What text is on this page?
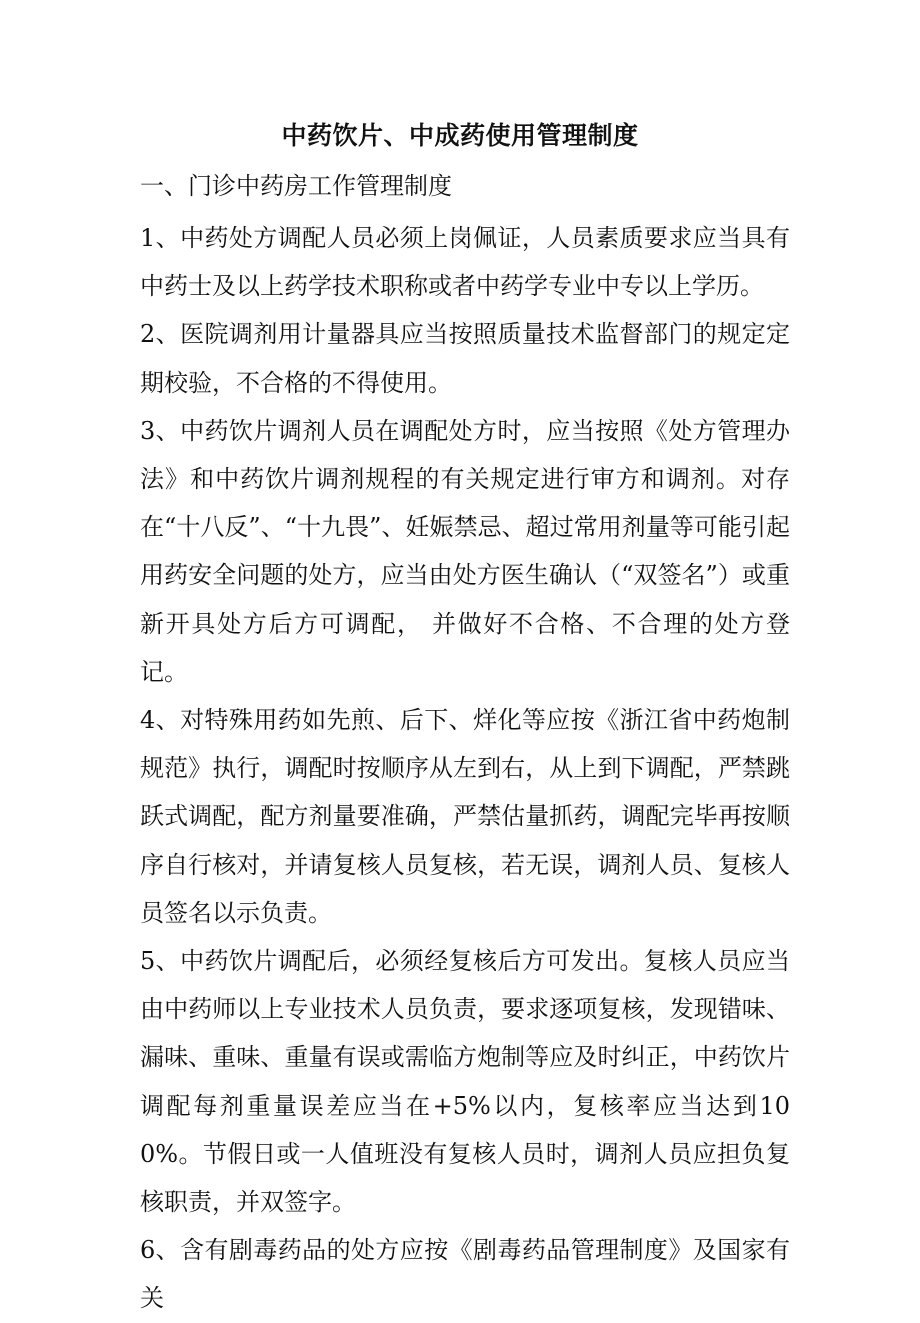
中药饮片、中成药使用管理制度
一、门诊中药房工作管理制度

1、中药处方调配人员必须上岗佩证，人员素质要求应当具有中药士及以上药学技术职称或者中药学专业中专以上学历。

2、医院调剂用计量器具应当按照质量技术监督部门的规定定期校验，不合格的不得使用。

3、中药饮片调剂人员在调配处方时，应当按照《处方管理办法》和中药饮片调剂规程的有关规定进行审方和调剂。对存在“十八反”、“十九畏”、妊娠禁忌、超过常用剂量等可能引起用药安全问题的处方，应当由处方医生确认（“双签名”）或重新开具处方后方可调配， 并做好不合格、不合理的处方登记。

4、对特殊用药如先煎、后下、烊化等应按《浙江省中药炮制规范》执行，调配时按顺序从左到右，从上到下调配，严禁跳跃式调配，配方剂量要准确，严禁估量抓药，调配完毕再按顺序自行核对，并请复核人员复核，若无误，调剂人员、复核人员签名以示负责。

5、中药饮片调配后，必须经复核后方可发出。复核人员应当由中药师以上专业技术人员负责，要求逐项复核，发现错味、漏味、重味、重量有误或需临方炮制等应及时纠正，中药饮片调配每剂重量误差应当在+5%以内，复核率应当达到100%。节假日或一人值班没有复核人员时，调剂人员应担负复核职责，并双签字。

6、含有剧毒药品的处方应按《剧毒药品管理制度》及国家有关
